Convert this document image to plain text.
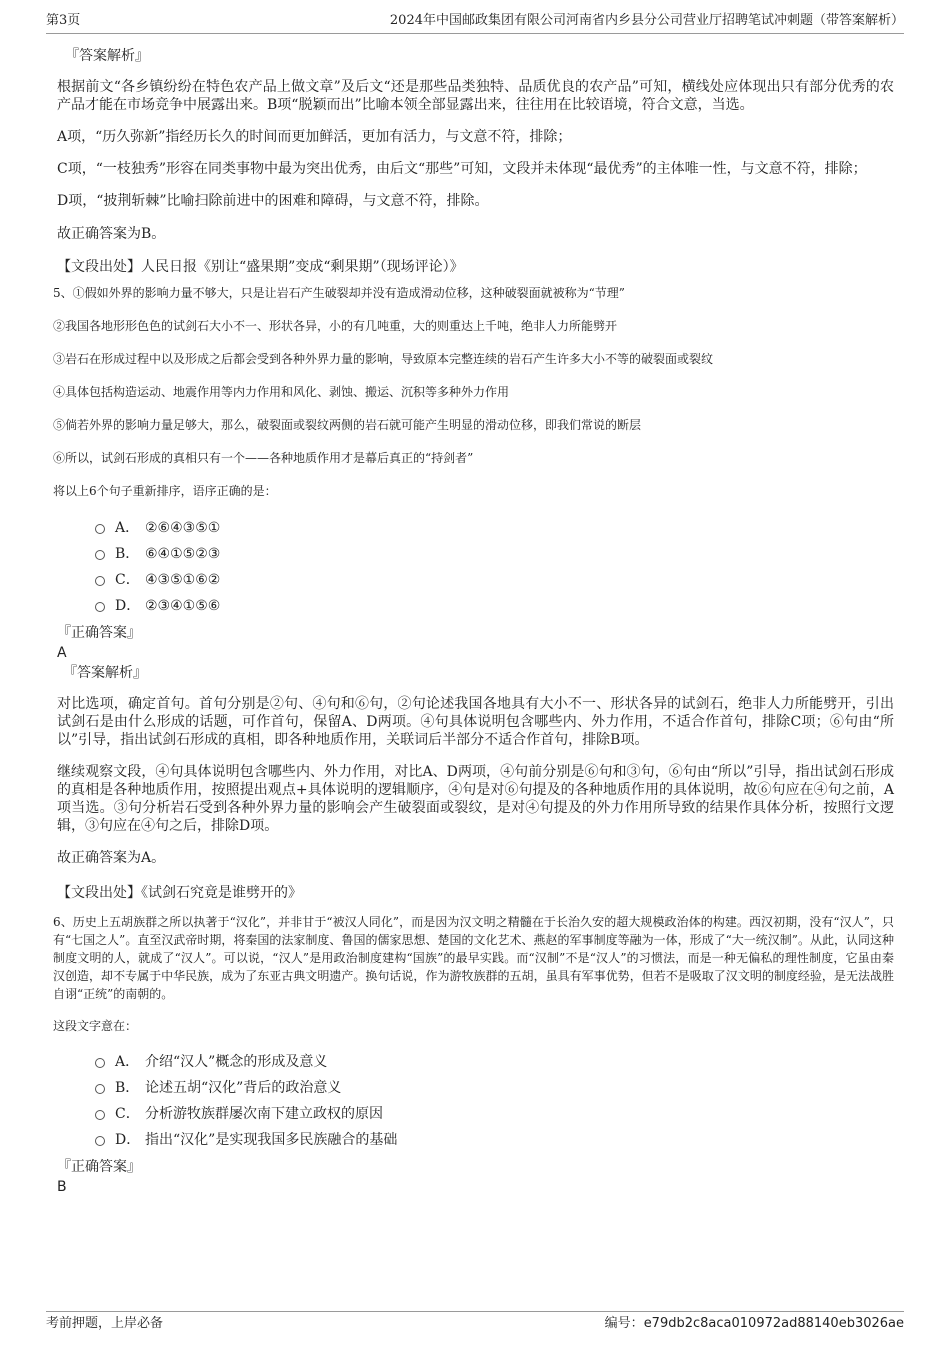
第3页	2024年中国邮政集团有限公司河南省内乡县分公司营业厅招聘笔试冲刺题（带答案解析）

『答案解析』

根据前文“各乡镇纷纷在特色农产品上做文章”及后文“还是那些品类独特、品质优良的农产品”可知，横线处应体现出只有部分优秀的农产品才能在市场竞争中展露出来。B项“脱颖而出”比喻本领全部显露出来，往往用在比较语境，符合文意，当选。

A项，“历久弥新”指经历长久的时间而更加鲜活，更加有活力，与文意不符，排除；

C项，“一枝独秀”形容在同类事物中最为突出优秀，由后文“那些”可知，文段并未体现“最优秀”的主体唯一性，与文意不符，排除；

D项，“披荆斩棘”比喻扫除前进中的困难和障碍，与文意不符，排除。

故正确答案为B。

【文段出处】人民日报《别让“盛果期”变成“剩果期”（现场评论）》

5、①假如外界的影响力量不够大，只是让岩石产生破裂却并没有造成滑动位移，这种破裂面就被称为“节理”

②我国各地形形色色的试剑石大小不一、形状各异，小的有几吨重，大的则重达上千吨，绝非人力所能劈开

③岩石在形成过程中以及形成之后都会受到各种外界力量的影响，导致原本完整连续的岩石产生许多大小不等的破裂面或裂纹

④具体包括构造运动、地震作用等内力作用和风化、剥蚀、搬运、沉积等多种外力作用

⑤倘若外界的影响力量足够大，那么，破裂面或裂纹两侧的岩石就可能产生明显的滑动位移，即我们常说的断层

⑥所以，试剑石形成的真相只有一个——各种地质作用才是幕后真正的“持剑者”

将以上6个句子重新排序，语序正确的是：

A． ②⑥④③⑤①
B． ⑥④①⑤②③
C． ④③⑤①⑥②
D． ②③④①⑤⑥

『正确答案』

A

『答案解析』

对比选项，确定首句。首句分别是②句、④句和⑥句，②句论述我国各地具有大小不一、形状各异的试剑石，绝非人力所能劈开，引出试剑石是由什么形成的话题，可作首句，保留A、D两项。④句具体说明包含哪些内、外力作用，不适合作首句，排除C项；⑥句由“所以”引导，指出试剑石形成的真相，即各种地质作用，关联词后半部分不适合作首句，排除B项。

继续观察文段，④句具体说明包含哪些内、外力作用，对比A、D两项，④句前分别是⑥句和③句，⑥句由“所以”引导，指出试剑石形成的真相是各种地质作用，按照提出观点+具体说明的逻辑顺序，④句是对⑥句提及的各种地质作用的具体说明，故⑥句应在④句之前，A项当选。③句分析岩石受到各种外界力量的影响会产生破裂面或裂纹，是对④句提及的外力作用所导致的结果作具体分析，按照行文逻辑，③句应在④句之后，排除D项。

故正确答案为A。

【文段出处】《试剑石究竟是谁劈开的》

6、历史上五胡族群之所以执著于“汉化”，并非甘于“被汉人同化”，而是因为汉文明之精髓在于长治久安的超大规模政治体的构建。西汉初期，没有“汉人”，只有“七国之人”。直至汉武帝时期，将秦国的法家制度、鲁国的儒家思想、楚国的文化艺术、燕赵的军事制度等融为一体，形成了“大一统汉制”。从此，认同这种制度文明的人，就成了“汉人”。可以说，“汉人”是用政治制度建构“国族”的最早实践。而“汉制”不是“汉人”的习惯法，而是一种无偏私的理性制度，它虽由秦汉创造，却不专属于中华民族，成为了东亚古典文明遗产。换句话说，作为游牧族群的五胡，虽具有军事优势，但若不是吸取了汉文明的制度经验，是无法战胜自诩“正统”的南朝的。

这段文字意在：

A． 介绍“汉人”概念的形成及意义
B． 论述五胡“汉化”背后的政治意义
C． 分析游牧族群屡次南下建立政权的原因
D． 指出“汉化”是实现我国多民族融合的基础

『正确答案』

B

考前押题，上岸必备	编号：e79db2c8aca010972ad88140eb3026ae
